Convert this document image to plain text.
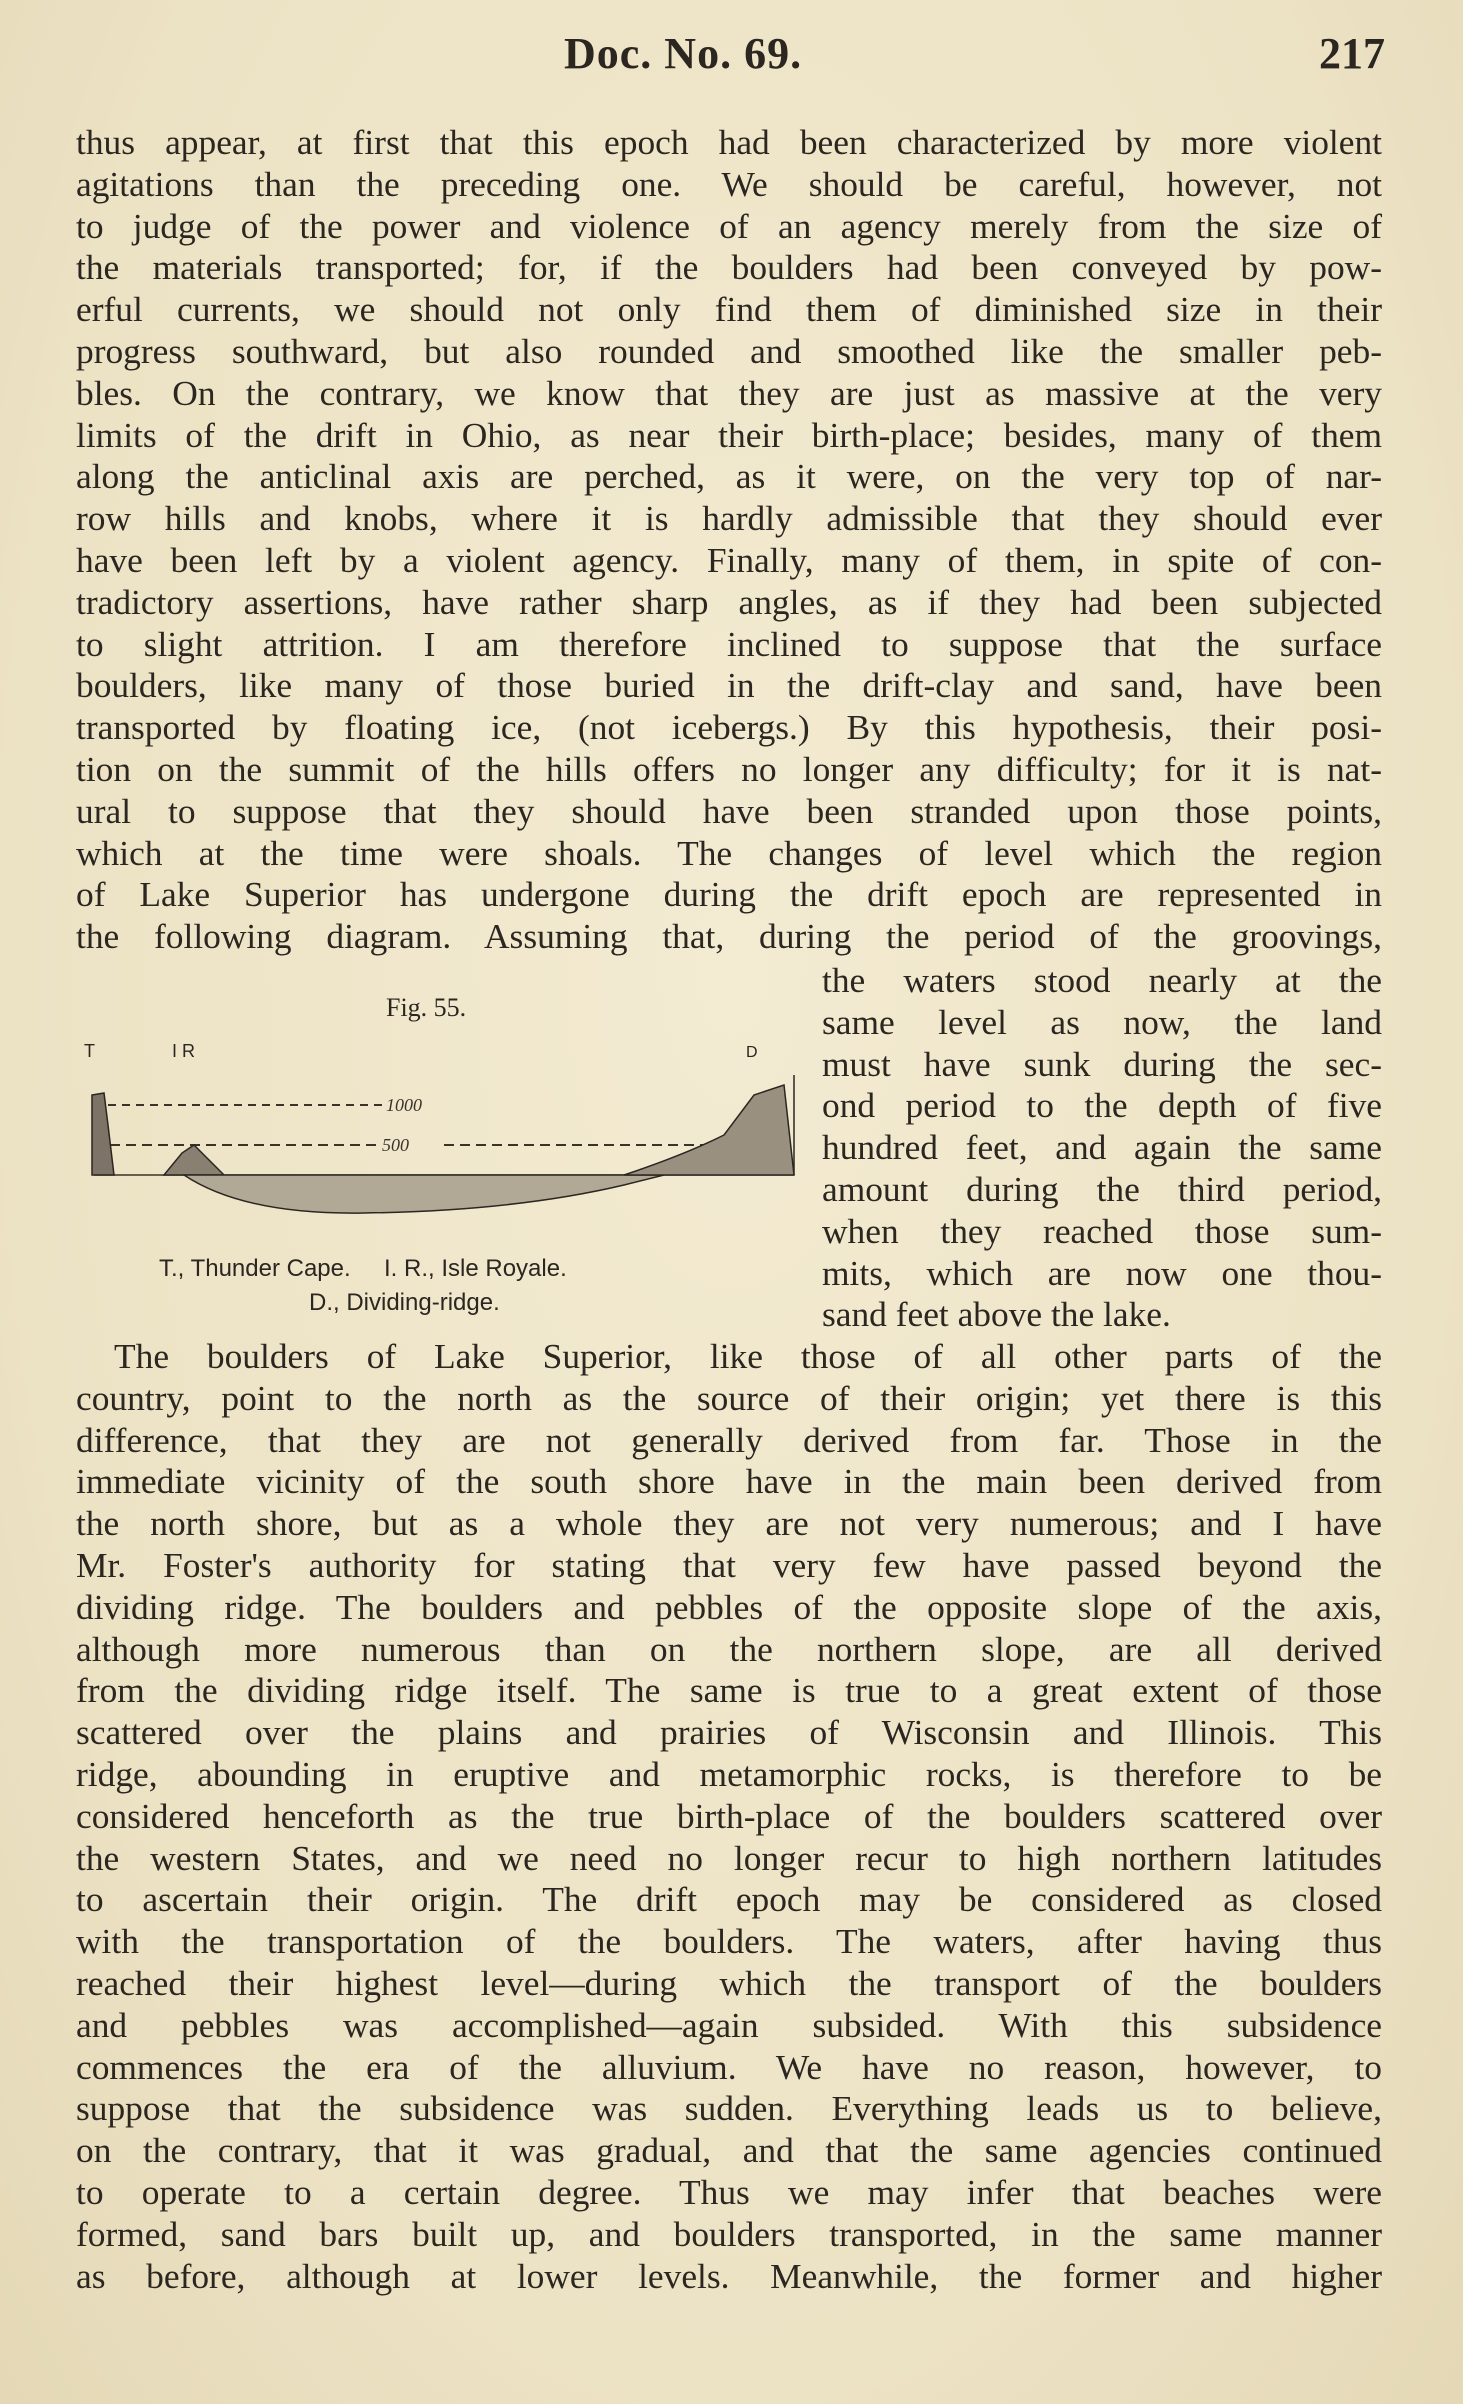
Doc. No. 69.	217
thus appear, at first that this epoch had been characterized by more violent
agitations than the preceding one. We should be careful, however, not
to judge of the power and violence of an agency merely from the size of
the materials transported; for, if the boulders had been conveyed by pow-
erful currents, we should not only find them of diminished size in their
progress southward, but also rounded and smoothed like the smaller peb-
bles. On the contrary, we know that they are just as massive at the very
limits of the drift in Ohio, as near their birth-place; besides, many of them
along the anticlinal axis are perched, as it were, on the very top of nar-
row hills and knobs, where it is hardly admissible that they should ever
have been left by a violent agency. Finally, many of them, in spite of con-
tradictory assertions, have rather sharp angles, as if they had been subjected
to slight attrition. I am therefore inclined to suppose that the surface
boulders, like many of those buried in the drift-clay and sand, have been
transported by floating ice, (not icebergs.) By this hypothesis, their posi-
tion on the summit of the hills offers no longer any difficulty; for it is nat-
ural to suppose that they should have been stranded upon those points,
which at the time were shoals. The changes of level which the region
of Lake Superior has undergone during the drift epoch are represented in
the following diagram. Assuming that, during the period of the groovings,
Fig. 55.
T	I R	D
1000
500
T., Thunder Cape.     I. R., Isle Royale.
D., Dividing-ridge.
the waters stood nearly at the
same level as now, the land
must have sunk during the sec-
ond period to the depth of five
hundred feet, and again the same
amount during the third period,
when they reached those sum-
mits, which are now one thou-
sand feet above the lake.
The boulders of Lake Superior, like those of all other parts of the
country, point to the north as the source of their origin; yet there is this
difference, that they are not generally derived from far. Those in the
immediate vicinity of the south shore have in the main been derived from
the north shore, but as a whole they are not very numerous; and I have
Mr. Foster's authority for stating that very few have passed beyond the
dividing ridge. The boulders and pebbles of the opposite slope of the axis,
although more numerous than on the northern slope, are all derived
from the dividing ridge itself. The same is true to a great extent of those
scattered over the plains and prairies of Wisconsin and Illinois. This
ridge, abounding in eruptive and metamorphic rocks, is therefore to be
considered henceforth as the true birth-place of the boulders scattered over
the western States, and we need no longer recur to high northern latitudes
to ascertain their origin. The drift epoch may be considered as closed
with the transportation of the boulders. The waters, after having thus
reached their highest level—during which the transport of the boulders
and pebbles was accomplished—again subsided. With this subsidence
commences the era of the alluvium. We have no reason, however, to
suppose that the subsidence was sudden. Everything leads us to believe,
on the contrary, that it was gradual, and that the same agencies continued
to operate to a certain degree. Thus we may infer that beaches were
formed, sand bars built up, and boulders transported, in the same manner
as before, although at lower levels. Meanwhile, the former and higher
